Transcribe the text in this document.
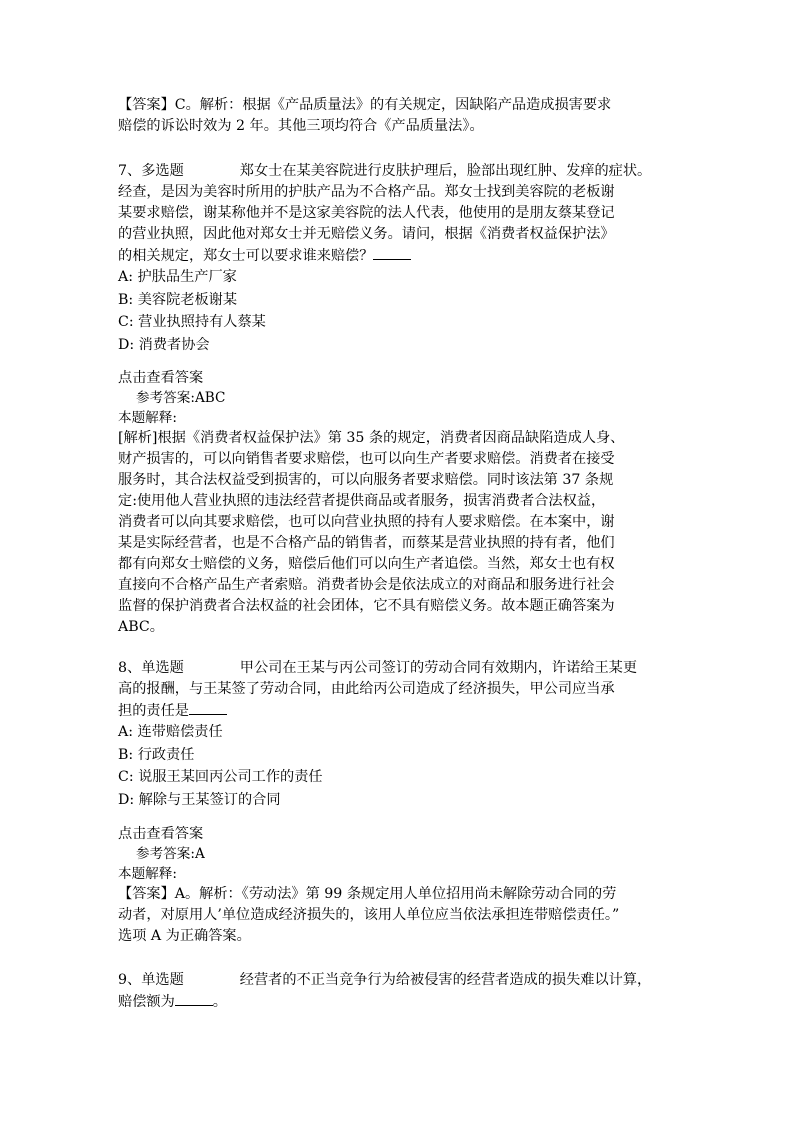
【答案】C。解析：根据《产品质量法》的有关规定，因缺陷产品造成损害要求
赔偿的诉讼时效为 2 年。其他三项均符合《产品质量法》。
7、多选题	郑女士在某美容院进行皮肤护理后，脸部出现红肿、发痒的症状。
经查，是因为美容时所用的护肤产品为不合格产品。郑女士找到美容院的老板谢
某要求赔偿，谢某称他并不是这家美容院的法人代表，他使用的是朋友蔡某登记
的营业执照，因此他对郑女士并无赔偿义务。请问，根据《消费者权益保护法》
的相关规定，郑女士可以要求谁来赔偿？
A: 护肤品生产厂家
B: 美容院老板谢某
C: 营业执照持有人蔡某
D: 消费者协会
点击查看答案
参考答案:ABC
本题解释:
[解析]根据《消费者权益保护法》第 35 条的规定，消费者因商品缺陷造成人身、
财产损害的，可以向销售者要求赔偿，也可以向生产者要求赔偿。消费者在接受
服务时，其合法权益受到损害的，可以向服务者要求赔偿。同时该法第 37 条规
定:使用他人营业执照的违法经营者提供商品或者服务，损害消费者合法权益，
消费者可以向其要求赔偿，也可以向营业执照的持有人要求赔偿。在本案中，谢
某是实际经营者，也是不合格产品的销售者，而蔡某是营业执照的持有者，他们
都有向郑女士赔偿的义务，赔偿后他们可以向生产者追偿。当然，郑女士也有权
直接向不合格产品生产者索赔。消费者协会是依法成立的对商品和服务进行社会
监督的保护消费者合法权益的社会团体，它不具有赔偿义务。故本题正确答案为
ABC。
8、单选题	甲公司在王某与丙公司签订的劳动合同有效期内，许诺给王某更
高的报酬，与王某签了劳动合同，由此给丙公司造成了经济损失，甲公司应当承
担的责任是
A: 连带赔偿责任
B: 行政责任
C: 说服王某回丙公司工作的责任
D: 解除与王某签订的合同
点击查看答案
参考答案:A
本题解释:
【答案】A。解析：《劳动法》第 99 条规定用人单位招用尚未解除劳动合同的劳
动者，对原用人’单位造成经济损失的，该用人单位应当依法承担连带赔偿责任。”
选项 A 为正确答案。
9、单选题	经营者的不正当竞争行为给被侵害的经营者造成的损失难以计算，
赔偿额为	。
